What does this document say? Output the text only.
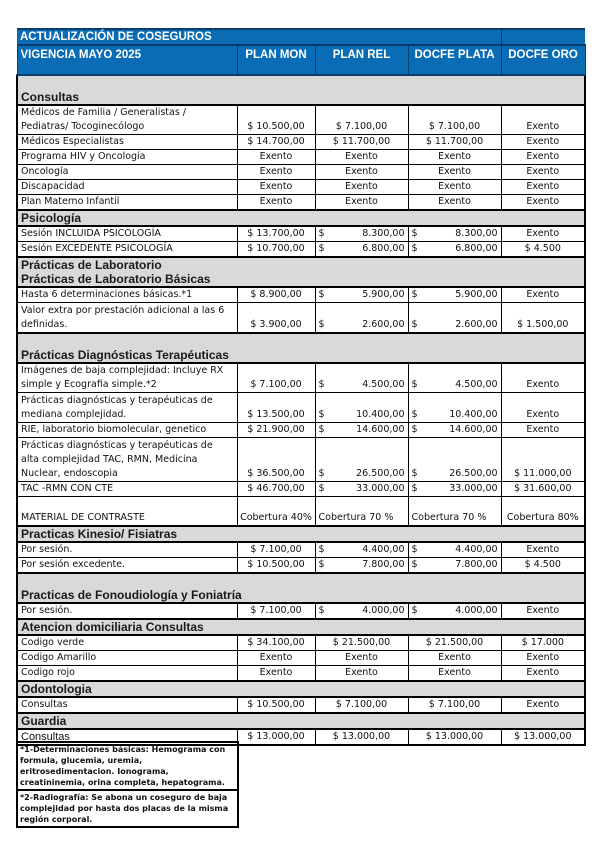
ACTUALIZACIÓN DE COSEGUROS				
VIGENCIA MAYO 2025	PLAN MON	PLAN REL	DOCFE PLATA	DOCFE ORO
Consultas				
Médicos de Familia / Generalistas / Pediatras/ Tocoginecólogo	$ 10.500,00	$ 7.100,00	$ 7.100,00	Exento
Médicos Especialistas	$ 14.700,00	$ 11.700,00	$ 11.700,00	Exento
Programa HIV y Oncología	Exento	Exento	Exento	Exento
Oncología	Exento	Exento	Exento	Exento
Discapacidad	Exento	Exento	Exento	Exento
Plan Materno Infantil	Exento	Exento	Exento	Exento
Psicología				
Sesión INCLUIDA PSICOLOGÍA	$ 13.700,00	$ 8.300,00	$ 8.300,00	Exento
Sesión EXCEDENTE PSICOLOGÍA	$ 10.700,00	$ 6.800,00	$ 6.800,00	$ 4.500

Prácticas de Laboratorio
Prácticas de Laboratorio Básicas				

Hasta 6 determinaciones básicas.*1	$ 8.900,00	$ 5.900,00	$ 5.900,00	Exento
Valor extra por prestación adicional a las 6 definidas.	$ 3.900,00	$ 2.600,00	$ 2.600,00	$ 1.500,00
Prácticas Diagnósticas Terapéuticas				
Imágenes de baja complejidad: Incluye RX simple y Ecografia simple.*2	$ 7.100,00	$ 4.500,00	$ 4.500,00	Exento
Prácticas diagnósticas y terapéuticas de mediana complejidad.	$ 13.500,00	$ 10.400,00	$ 10.400,00	Exento
RIE, laboratorio biomolecular, genetico	$ 21.900,00	$ 14.600,00	$ 14.600,00	Exento
Prácticas diagnósticas y terapéuticas de alta complejidad TAC, RMN, Medicina Nuclear, endoscopia	$ 36.500,00	$ 26.500,00	$ 26.500,00	$ 11.000,00
TAC -RMN CON CTE	$ 46.700,00	$ 33.000,00	$ 33.000,00	$ 31.600,00
MATERIAL DE CONTRASTE	Cobertura 40%	Cobertura 70 %	Cobertura 70 %	Cobertura 80%
Practicas Kinesio/ Fisiatras				
Por sesión.	$ 7.100,00	$ 4.400,00	$ 4.400,00	Exento
Por sesión excedente.	$ 10.500,00	$ 7.800,00	$ 7.800,00	$ 4.500
Practicas de Fonoudiología y Foniatría				
Por sesión.	$ 7.100,00	$ 4.000,00	$ 4.000,00	Exento
Atencion domiciliaria Consultas				
Codigo verde	$ 34.100,00	$ 21.500,00	$ 21.500,00	$ 17.000
Codigo Amarillo	Exento	Exento	Exento	Exento
Codigo rojo	Exento	Exento	Exento	Exento
Odontologia				
Consultas	$ 10.500,00	$ 7.100,00	$ 7.100,00	Exento
Guardia				
Consultas	$ 13.000,00	$ 13.000,00	$ 13.000,00	$ 13.000,00
*1-Determinaciones básicas: Hemograma con formula, glucemia, uremia, eritrosedimentacion. Ionograma, creatininemia, orina completa, hepatograma.
*2-Radiografía: Se abona un coseguro de baja complejidad por hasta dos placas de la misma región corporal.
